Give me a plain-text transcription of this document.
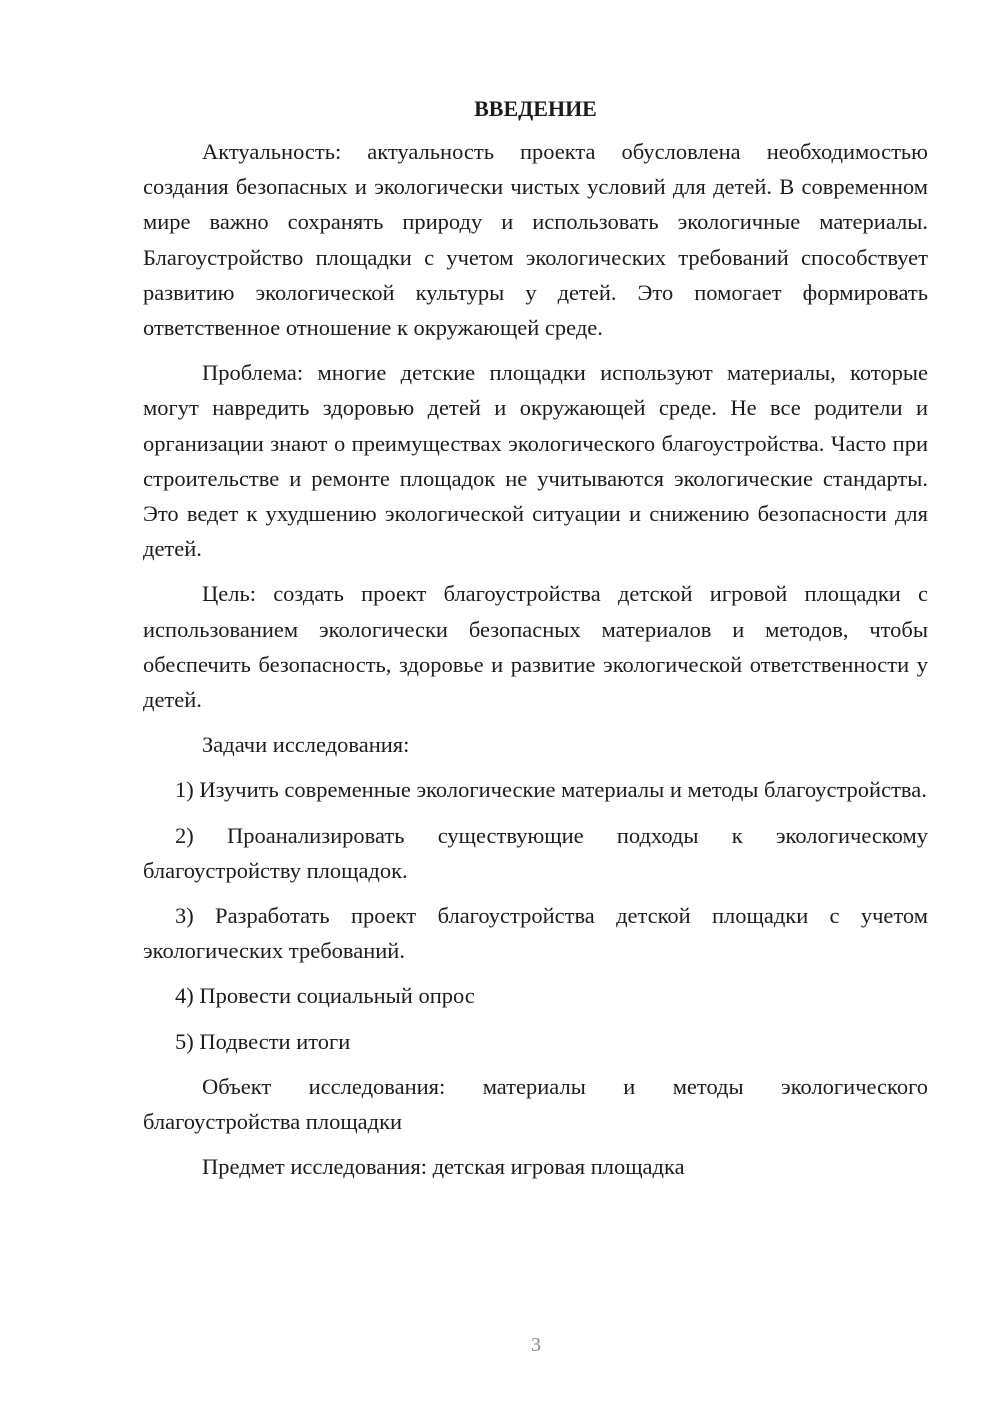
ВВЕДЕНИЕ

Актуальность: актуальность проекта обусловлена необходимостью создания безопасных и экологически чистых условий для детей. В современном мире важно сохранять природу и использовать экологичные материалы. Благоустройство площадки с учетом экологических требований способствует развитию экологической культуры у детей. Это помогает формировать ответственное отношение к окружающей среде.

Проблема: многие детские площадки используют материалы, которые могут навредить здоровью детей и окружающей среде. Не все родители и организации знают о преимуществах экологического благоустройства. Часто при строительстве и ремонте площадок не учитываются экологические стандарты. Это ведет к ухудшению экологической ситуации и снижению безопасности для детей.

Цель: создать проект благоустройства детской игровой площадки с использованием экологически безопасных материалов и методов, чтобы обеспечить безопасность, здоровье и развитие экологической ответственности у детей.

Задачи исследования:

1) Изучить современные экологические материалы и методы благоустройства.

2) Проанализировать существующие подходы к экологическому благоустройству площадок.

3) Разработать проект благоустройства детской площадки с учетом экологических требований.

4) Провести социальный опрос

5) Подвести итоги

Объект исследования: материалы и методы экологического благоустройства площадки

Предмет исследования: детская игровая площадка

3
